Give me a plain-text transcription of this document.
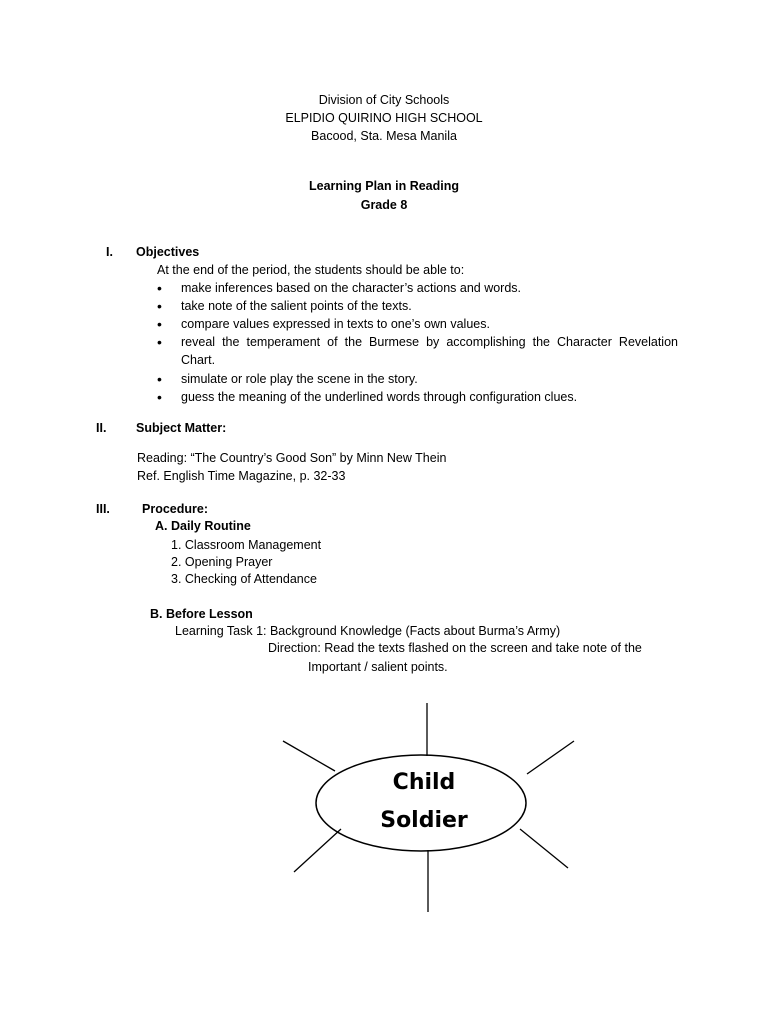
Division of City Schools
ELPIDIO QUIRINO HIGH SCHOOL
Bacood, Sta. Mesa Manila
Learning Plan in Reading
Grade 8
I. Objectives
At the end of the period, the students should be able to:
• make inferences based on the character’s actions and words.
• take note of the salient points of the texts.
• compare values expressed in texts to one’s own values.
• reveal the temperament of the Burmese by accomplishing the Character Revelation
Chart.
• simulate or role play the scene in the story.
• guess the meaning of the underlined words through configuration clues.
II. Subject Matter:
Reading: “The Country’s Good Son” by Minn New Thein
Ref. English Time Magazine, p. 32-33
III.	Procedure:
A. Daily Routine
1. Classroom Management
2. Opening Prayer
3. Checking of Attendance
B. Before Lesson
Learning Task 1: Background Knowledge (Facts about Burma’s Army)
Direction: Read the texts flashed on the screen and take note of the
Important / salient points.
Child
Soldier
